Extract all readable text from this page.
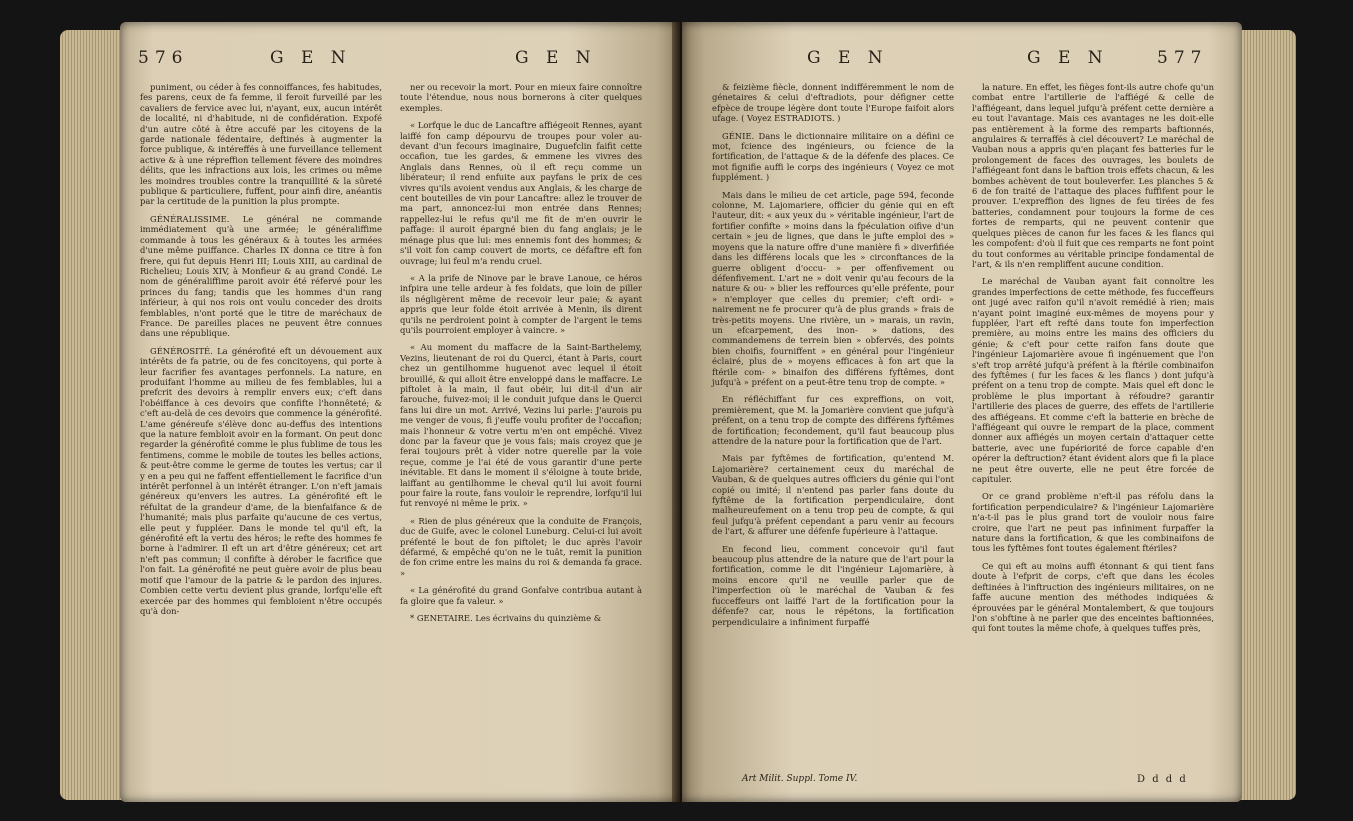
576	G E N	G E N

puniment, ou céder à fes connoiffances, fes habitudes, fes parens, ceux de fa femme, il feroit furveillé par les cavaliers de fervice avec lui, n'ayant, eux, aucun intérêt de localité, ni d'habitude, ni de confidération. Expofé d'un autre côté à être accufé par les citoyens de la garde nationale fédentaire, deftinés à augmenter la force publique, & intéreffés à une furveillance tellement active & à une répreffion tellement févere des moindres délits, que les infractions aux lois, les crimes ou même les moindres troubles contre la tranquillité & la sûreté publique & particuliere, fuffent, pour ainfi dire, anéantis par la certitude de la punition la plus prompte.

GÉNÉRALISSIME. Le général ne commande immédiatement qu'à une armée; le généraliffime commande à tous les généraux & à toutes les armées d'une même puiffance. Charles IX donna ce titre à fon frere, qui fut depuis Henri III; Louis XIII, au cardinal de Richelieu; Louis XIV, à Monfieur & au grand Condé. Le nom de généraliffime paroit avoir été réfervé pour les princes du fang; tandis que les hommes d'un rang inférieur, à qui nos rois ont voulu conceder des droits femblables, n'ont porté que le titre de maréchaux de France. De pareilles places ne peuvent être connues dans une république.

GÉNÉROSITÉ. La générofité eft un dévouement aux intérêts de fa patrie, ou de fes concitoyens, qui porte à leur facrifier fes avantages perfonnels. La nature, en produifant l'homme au milieu de fes femblables, lui a prefcrit des devoirs à remplir envers eux; c'eft dans l'obéiffance à ces devoirs que confifte l'honnêteté; & c'eft au-delà de ces devoirs que commence la générofité. L'ame généreufe s'élève donc au-deffus des intentions que la nature fembloit avoir en la formant. On peut donc regarder la générofité comme le plus fublime de tous les fentimens, comme le mobile de toutes les belles actions, & peut-être comme le germe de toutes les vertus; car il y en a peu qui ne faffent effentiellement le facrifice d'un intérêt perfonnel à un intérêt étranger. L'on n'eft jamais généreux qu'envers les autres. La générofité eft le réfultat de la grandeur d'ame, de la bienfaifance & de l'humanité; mais plus parfaite qu'aucune de ces vertus, elle peut y fuppléer. Dans le monde tel qu'il eft, la générofité eft la vertu des héros; le refte des hommes fe borne à l'admirer. Il eft un art d'être généreux; cet art n'eft pas commun; il confifte à dérober le facrifice que l'on fait. La générofité ne peut guère avoir de plus beau motif que l'amour de la patrie & le pardon des injures. Combien cette vertu devient plus grande, lorfqu'elle eft exercée par des hommes qui fembloient n'être occupés qu'à don-

ner ou recevoir la mort. Pour en mieux faire connoître toute l'étendue, nous nous bornerons à citer quelques exemples.

« Lorfque le duc de Lancaftre affiégeoit Rennes, ayant laiffé fon camp dépourvu de troupes pour voler au-devant d'un fecours imaginaire, Duguefclin faifit cette occafion, tue les gardes, & emmene les vivres des Anglais dans Rennes, où il eft reçu comme un libérateur; il rend enfuite aux payfans le prix de ces vivres qu'ils avoient vendus aux Anglais, & les charge de cent bouteilles de vin pour Lancaftre: allez le trouver de ma part, annoncez-lui mon entrée dans Rennes; rappellez-lui le refus qu'il me fit de m'en ouvrir le paffage: il auroit épargné bien du fang anglais; je le ménage plus que lui: mes ennemis font des hommes; & s'il voit fon camp couvert de morts, ce défaftre eft fon ouvrage; lui feul m'a rendu cruel.

« A la prife de Ninove par le brave Lanoue, ce héros infpira une telle ardeur à fes foldats, que loin de piller ils négligèrent même de recevoir leur paie; & ayant appris que leur folde étoit arrivée à Menin, ils dirent qu'ils ne perdroient point à compter de l'argent le tems qu'ils pourroient employer à vaincre. »

« Au moment du maffacre de la Saint-Barthelemy, Vezins, lieutenant de roi du Querci, étant à Paris, court chez un gentilhomme huguenot avec lequel il étoit brouillé, & qui alloit être enveloppé dans le maffacre. Le piftolet à la main, il faut obéir, lui dit-il d'un air farouche, fuivez-moi; il le conduit jufque dans le Querci fans lui dire un mot. Arrivé, Vezins lui parle: J'aurois pu me venger de vous, fi j'euffe voulu profiter de l'occafion; mais l'honneur & votre vertu m'en ont empêché. Vivez donc par la faveur que je vous fais; mais croyez que je ferai toujours prêt à vider notre querelle par la voie reçue, comme je l'ai été de vous garantir d'une perte inévitable. Et dans le moment il s'éloigne à toute bride, laiffant au gentilhomme le cheval qu'il lui avoit fourni pour faire la route, fans vouloir le reprendre, lorfqu'il lui fut renvoyé ni même le prix. »

« Rien de plus généreux que la conduite de François, duc de Guife, avec le colonel Luneburg. Celui-ci lui avoit préfenté le bout de fon piftolet; le duc après l'avoir défarmé, & empêché qu'on ne le tuât, remit la punition de fon crime entre les mains du roi & demanda fa grace. »

« La générofité du grand Gonfalve contribua autant à fa gloire que fa valeur. »

* GENETAIRE. Les écrivains du quinzième &

G E N	G E N	577

& feizième fiècle, donnent indifféremment le nom de génetaires & celui d'eftradiots, pour défigner cette efpèce de troupe légère dont toute l'Europe faifoit alors ufage. ( Voyez ESTRADIOTS. )

GÉNIE. Dans le dictionnaire militaire on a défini ce mot, fcience des ingénieurs, ou fcience de la fortification, de l'attaque & de la défenfe des places. Ce mot fignifie auffi le corps des ingénieurs ( Voyez ce mot fupplément. )

Mais dans le milieu de cet article, page 594, feconde colonne, M. Lajomariere, officier du génie qui en eft l'auteur, dit: « aux yeux du » véritable ingénieur, l'art de fortifier confifte » moins dans la fpéculation oifive d'un certain » jeu de lignes, que dans le jufte emploi des » moyens que la nature offre d'une manière fi » diverfifiée dans les différens locals que les » circonftances de la guerre obligent d'occu- » per offenfivement ou défenfivement. L'art ne » doit venir qu'au fecours de la nature & ou- » blier les reffources qu'elle préfente, pour » n'employer que celles du premier; c'eft ordi- » nairement ne fe procurer qu'à de plus grands » frais de très-petits moyens. Une rivière, un » marais, un ravin, un efcarpement, des inon- » dations, des commandemens de terrein bien » obfervés, des points bien choifis, fourniffent » en général pour l'ingénieur éclairé, plus de » moyens efficaces à fon art que la ftérile com- » binaifon des différens fyftêmes, dont jufqu'à » préfent on a peut-être tenu trop de compte. »

En réfléchiffant fur ces expreffions, on voit, premièrement, que M. la Jomarière convient que jufqu'à préfent, on a tenu trop de compte des différens fyftêmes de fortification; fecondement, qu'il faut beaucoup plus attendre de la nature pour la fortification que de l'art.

Mais par fyftêmes de fortification, qu'entend M. Lajomarière? certainement ceux du maréchal de Vauban, & de quelques autres officiers du génie qui l'ont copié ou imité; il n'entend pas parler fans doute du fyftême de la fortification perpendiculaire, dont malheureufement on a tenu trop peu de compte, & qui feul jufqu'à préfent cependant a paru venir au fecours de l'art, & affurer une défenfe fupérieure à l'attaque.

En fecond lieu, comment concevoir qu'il faut beaucoup plus attendre de la nature que de l'art pour la fortification, comme le dit l'ingénieur Lajomarière, à moins encore qu'il ne veuille parler que de l'imperfection où le maréchal de Vauban & fes fucceffeurs ont laiffé l'art de la fortification pour la défenfe? car, nous le répétons, la fortification perpendiculaire a infiniment furpaffé

la nature. En effet, les fièges font-ils autre chofe qu'un combat entre l'artillerie de l'affiégé & celle de l'affiégeant, dans lequel jufqu'à préfent cette dernière a eu tout l'avantage. Mais ces avantages ne les doit-elle pas entièrement à la forme des remparts baftionnés, angulaires & terraffés à ciel découvert? Le maréchal de Vauban nous a appris qu'en plaçant fes batteries fur le prolongement de faces des ouvrages, les boulets de l'affiégeant font dans le baftion trois effets chacun, & les bombes achèvent de tout bouleverfer. Les planches 5 & 6 de fon traité de l'attaque des places fuffifent pour le prouver. L'expreffion des lignes de feu tirées de fes batteries, condamnent pour toujours la forme de ces fortes de remparts, qui ne peuvent contenir que quelques pièces de canon fur les faces & les flancs qui les compofent: d'où il fuit que ces remparts ne font point du tout conformes au véritable principe fondamental de l'art, & ils n'en rempliffent aucune condition.

Le maréchal de Vauban ayant fait connoître les grandes imperfections de cette méthode, fes fucceffeurs ont jugé avec raifon qu'il n'avoit remédié à rien; mais n'ayant point imaginé eux-mêmes de moyens pour y fuppléer, l'art eft refté dans toute fon imperfection première, au moins entre les mains des officiers du génie; & c'eft pour cette raifon fans doute que l'ingénieur Lajomarière avoue fi ingénuement que l'on s'eft trop arrêté jufqu'à préfent à la ftérile combinaifon des fyftêmes ( fur les faces & les flancs ) dont jufqu'à préfent on a tenu trop de compte. Mais quel eft donc le problème le plus important à réfoudre? garantir l'artillerie des places de guerre, des effets de l'artillerie des affiégeans. Et comme c'eft la batterie en brèche de l'affiégeant qui ouvre le rempart de la place, comment donner aux affiégés un moyen certain d'attaquer cette batterie, avec une fupériorité de force capable d'en opérer la deftruction? étant évident alors que fi la place ne peut être ouverte, elle ne peut être forcée de capituler.

Or ce grand problème n'eft-il pas réfolu dans la fortification perpendiculaire? & l'ingénieur Lajomarière n'a-t-il pas le plus grand tort de vouloir nous faire croire, que l'art ne peut pas infiniment furpaffer la nature dans la fortification, & que les combinaifons de tous les fyftêmes font toutes également ftériles?

Ce qui eft au moins auffi étonnant & qui tient fans doute à l'efprit de corps, c'eft que dans les écoles deftinées à l'inftruction des ingénieurs militaires, on ne faffe aucune mention des méthodes indiquées & éprouvées par le général Montalembert, & que toujours l'on s'obftine à ne parler que des enceintes baftionnées, qui font toutes la même chofe, à quelques tuffes près,

Art Milit. Suppl. Tome IV.	D d d d
